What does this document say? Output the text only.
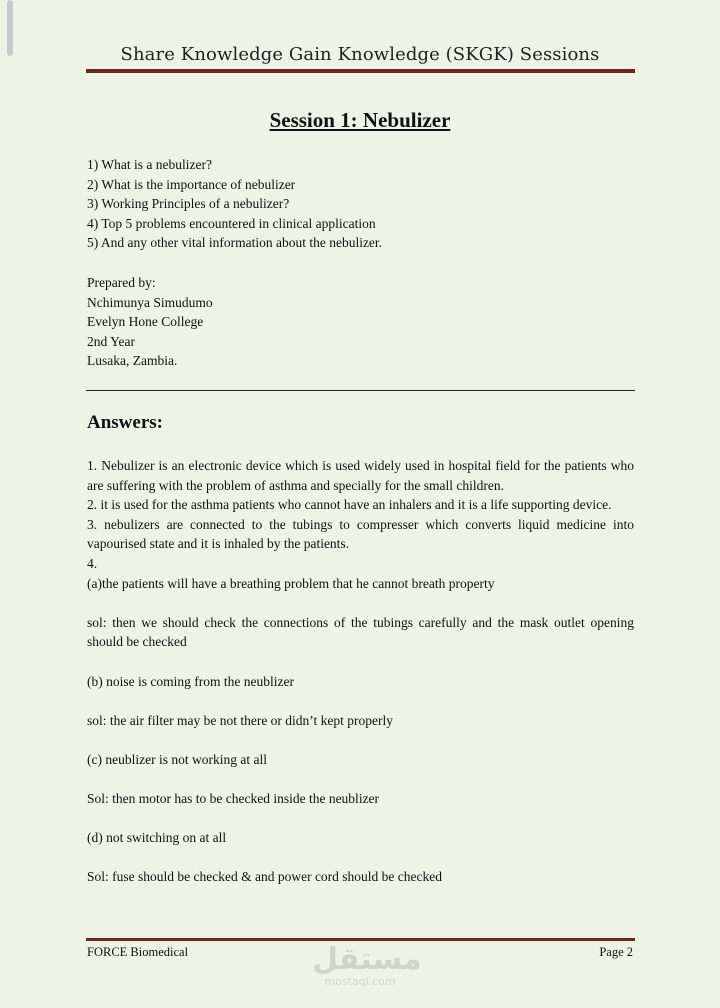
Share Knowledge Gain Knowledge (SKGK) Sessions
Session 1: Nebulizer
1) What is a nebulizer?
2) What is the importance of nebulizer
3) Working Principles of a nebulizer?
4) Top 5 problems encountered in clinical application
5) And any other vital information about the nebulizer.
Prepared by:
Nchimunya Simudumo
Evelyn Hone College
2nd Year
Lusaka, Zambia.
Answers:

1. Nebulizer is an electronic device which is used widely used in hospital field for the patients who are suffering with the problem of asthma and specially for the small children.

2. it is used for the asthma patients who cannot have an inhalers and it is a life supporting device.

3. nebulizers are connected to the tubings to compresser which converts liquid medicine into vapourised state and it is inhaled by the patients.

4.

(a)the patients will have a breathing problem that he cannot breath property

sol: then we should check the connections of the tubings carefully and the mask outlet opening should be checked

(b) noise is coming from the neublizer

sol: the air filter may be not there or didn’t kept properly

(c) neublizer is not working at all

Sol: then motor has to be checked inside the neublizer

(d) not switching on at all

Sol: fuse should be checked & and power cord should be checked

FORCE Biomedical	Page 2
مستقل
mostaql.com
